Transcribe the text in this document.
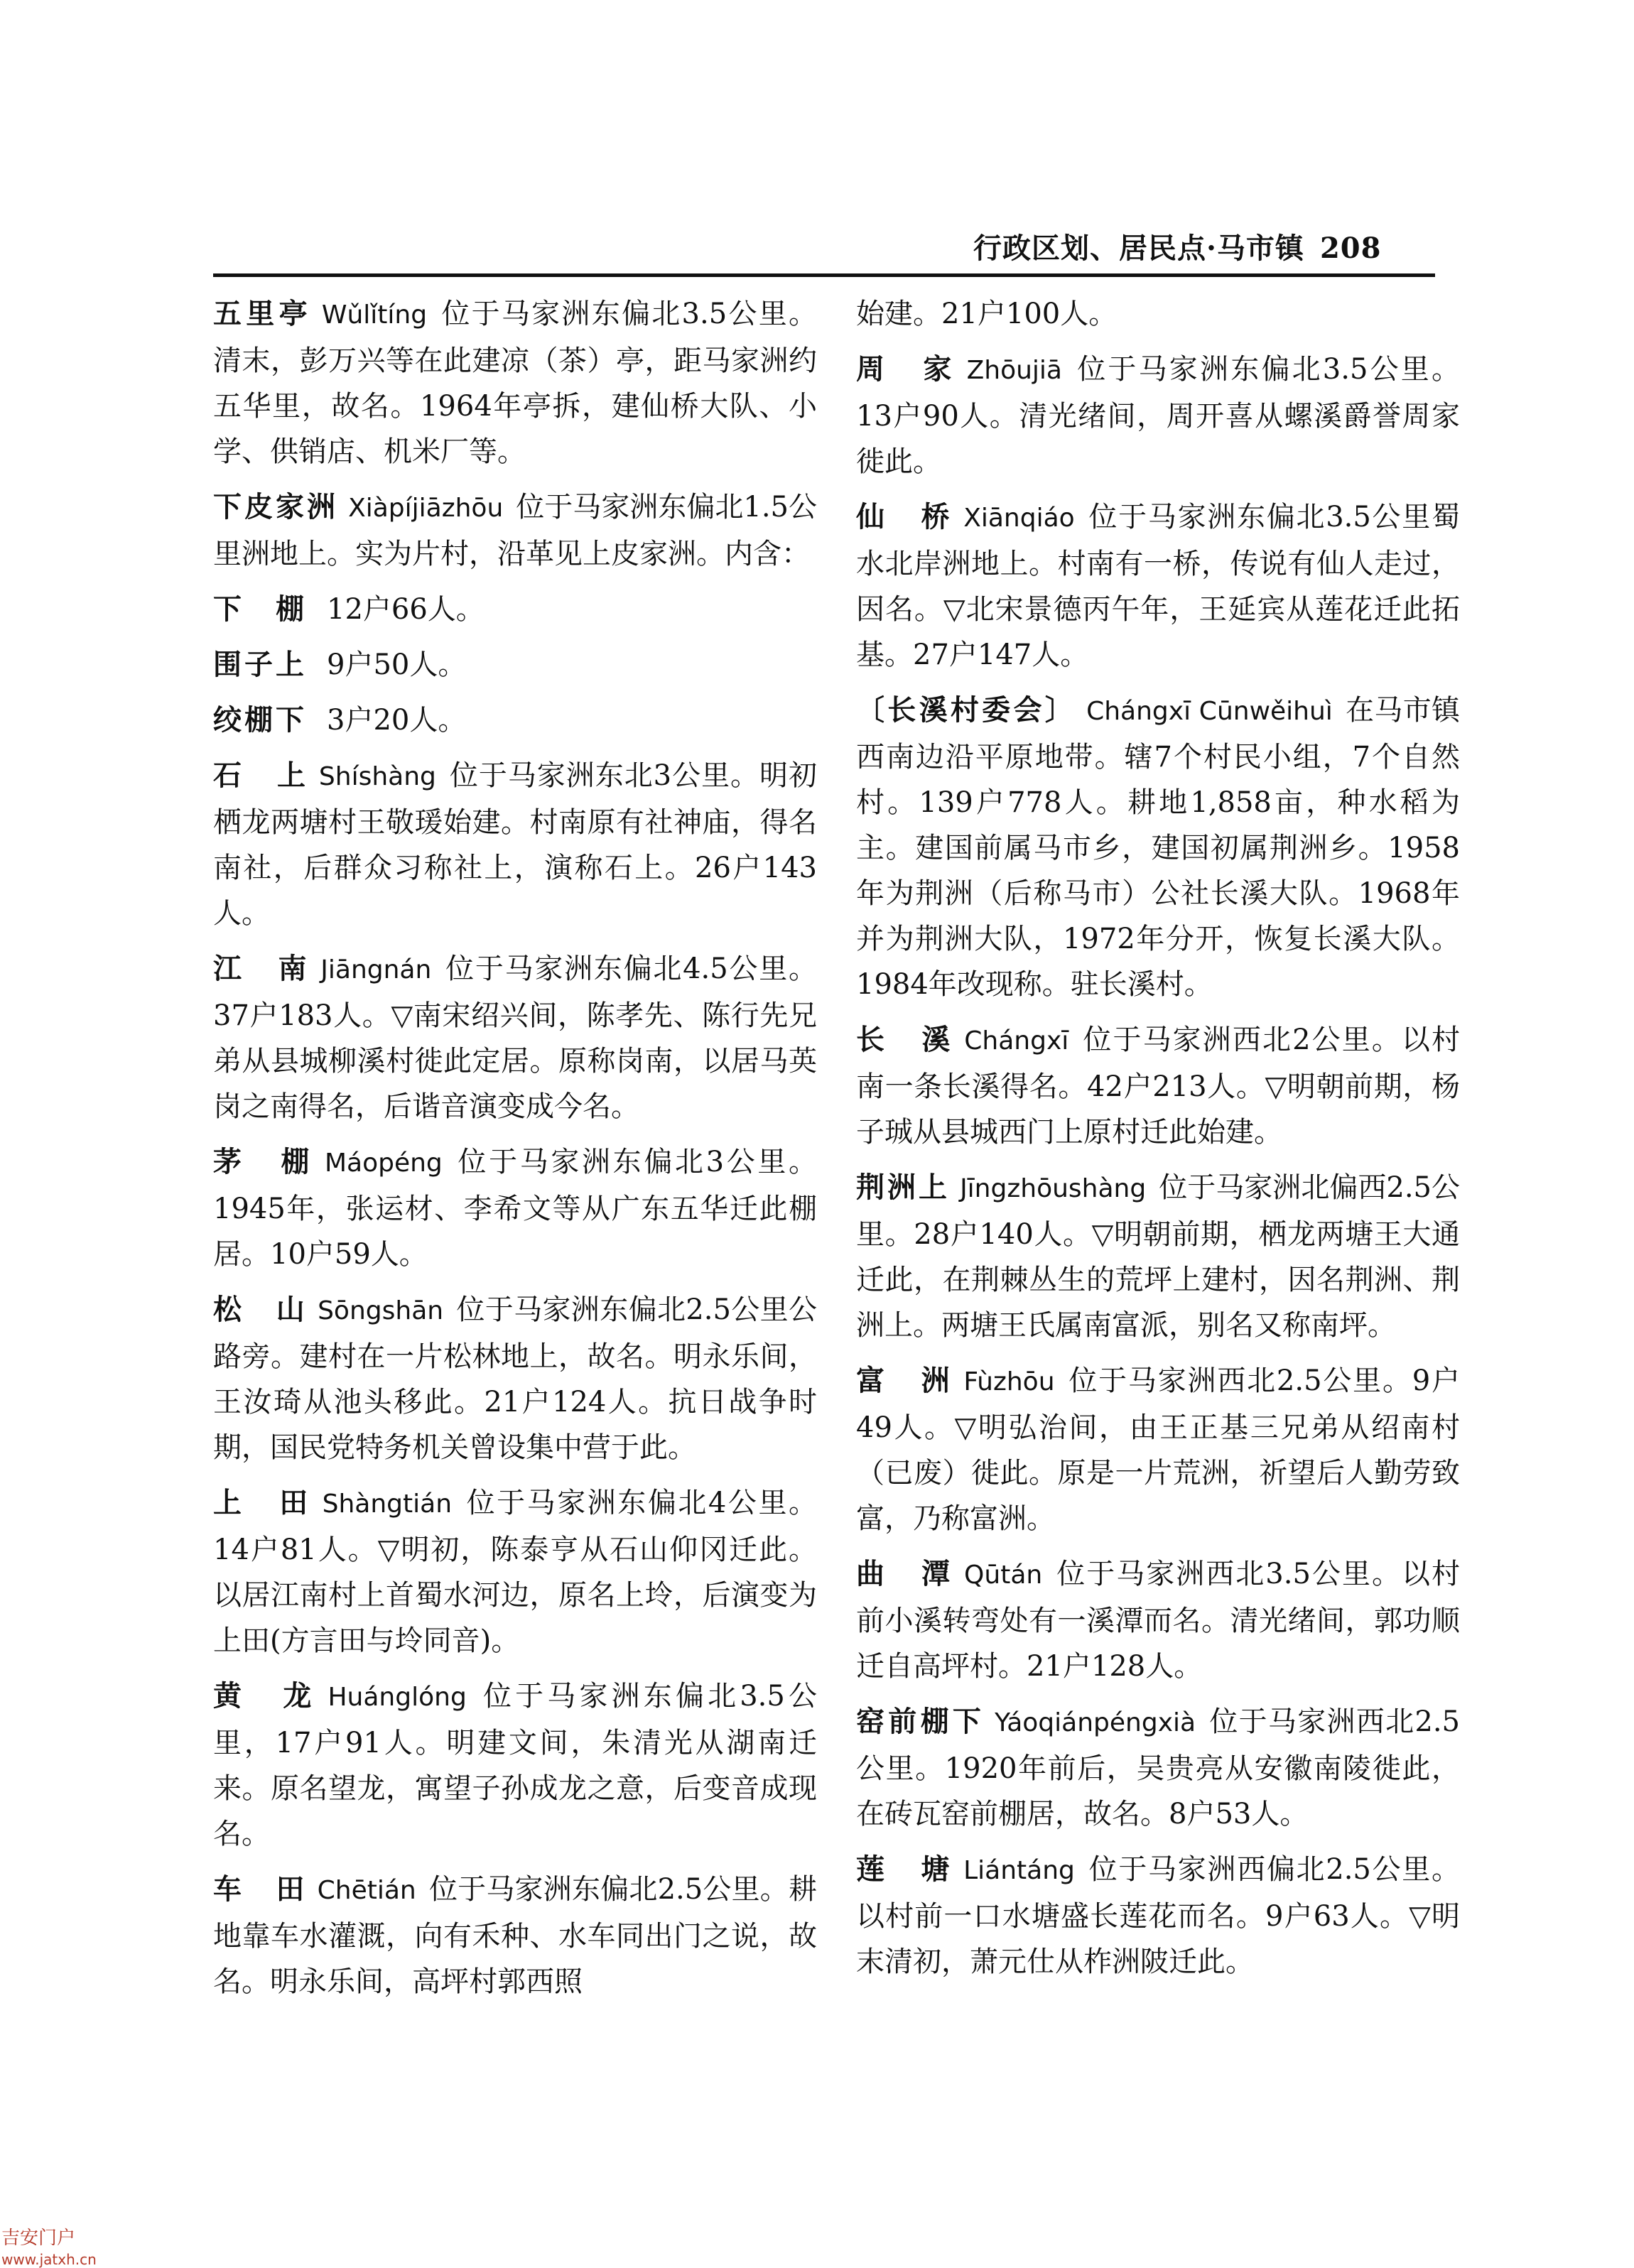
行政区划、居民点·马市镇 208

五里亭 Wǔlǐtíng 位于马家洲东偏北3.5公里。清末，彭万兴等在此建凉（茶）亭，距马家洲约五华里，故名。1964年亭拆，建仙桥大队、小学、供销店、机米厂等。

下皮家洲 Xiàpíjiāzhōu 位于马家洲东偏北1.5公里洲地上。实为片村，沿革见上皮家洲。内含：

下　棚 12户66人。

围子上 9户50人。

绞棚下 3户20人。

石　上 Shíshàng 位于马家洲东北3公里。明初栖龙两塘村王敬瑗始建。村南原有社神庙，得名南社，后群众习称社上，演称石上。26户143人。

江　南 Jiāngnán 位于马家洲东偏北4.5公里。37户183人。▽南宋绍兴间，陈孝先、陈行先兄弟从县城柳溪村徙此定居。原称岗南，以居马英岗之南得名，后谐音演变成今名。

茅　棚 Máopéng 位于马家洲东偏北3公里。1945年，张运材、李希文等从广东五华迁此棚居。10户59人。

松　山 Sōngshān 位于马家洲东偏北2.5公里公路旁。建村在一片松林地上，故名。明永乐间，王汝琦从池头移此。21户124人。抗日战争时期，国民党特务机关曾设集中营于此。

上　田 Shàngtián 位于马家洲东偏北4公里。14户81人。▽明初，陈泰亨从石山仰冈迁此。以居江南村上首蜀水河边，原名上坽，后演变为上田(方言田与坽同音)。

黄　龙 Huánglóng 位于马家洲东偏北3.5公里，17户91人。明建文间，朱清光从湖南迁来。原名望龙，寓望子孙成龙之意，后变音成现名。

车　田 Chētián 位于马家洲东偏北2.5公里。耕地靠车水灌溉，向有禾种、水车同出门之说，故名。明永乐间，高坪村郭西照

始建。21户100人。

周　家 Zhōujiā 位于马家洲东偏北3.5公里。13户90人。清光绪间，周开喜从螺溪爵誉周家徙此。

仙　桥 Xiānqiáo 位于马家洲东偏北3.5公里蜀水北岸洲地上。村南有一桥，传说有仙人走过，因名。▽北宋景德丙午年，王延宾从莲花迁此拓基。27户147人。

〔长溪村委会〕 Chángxī Cūnwěihuì 在马市镇西南边沿平原地带。辖7个村民小组，7个自然村。139户778人。耕地1,858亩，种水稻为主。建国前属马市乡，建国初属荆洲乡。1958年为荆洲（后称马市）公社长溪大队。1968年并为荆洲大队，1972年分开，恢复长溪大队。1984年改现称。驻长溪村。

长　溪 Chángxī 位于马家洲西北2公里。以村南一条长溪得名。42户213人。▽明朝前期，杨子珹从县城西门上原村迁此始建。

荆洲上 Jīngzhōushàng 位于马家洲北偏西2.5公里。28户140人。▽明朝前期，栖龙两塘王大通迁此，在荆棘丛生的荒坪上建村，因名荆洲、荆洲上。两塘王氏属南富派，别名又称南坪。

富　洲 Fùzhōu 位于马家洲西北2.5公里。9户49人。▽明弘治间，由王正基三兄弟从绍南村（已废）徙此。原是一片荒洲，祈望后人勤劳致富，乃称富洲。

曲　潭 Qūtán 位于马家洲西北3.5公里。以村前小溪转弯处有一溪潭而名。清光绪间，郭功顺迁自高坪村。21户128人。

窑前棚下 Yáoqiánpéngxià 位于马家洲西北2.5公里。1920年前后，吴贵亮从安徽南陵徙此，在砖瓦窑前棚居，故名。8户53人。

莲　塘 Liántáng 位于马家洲西偏北2.5公里。以村前一口水塘盛长莲花而名。9户63人。▽明末清初，萧元仕从柞洲陂迁此。

吉安门户
www.jatxh.cn
